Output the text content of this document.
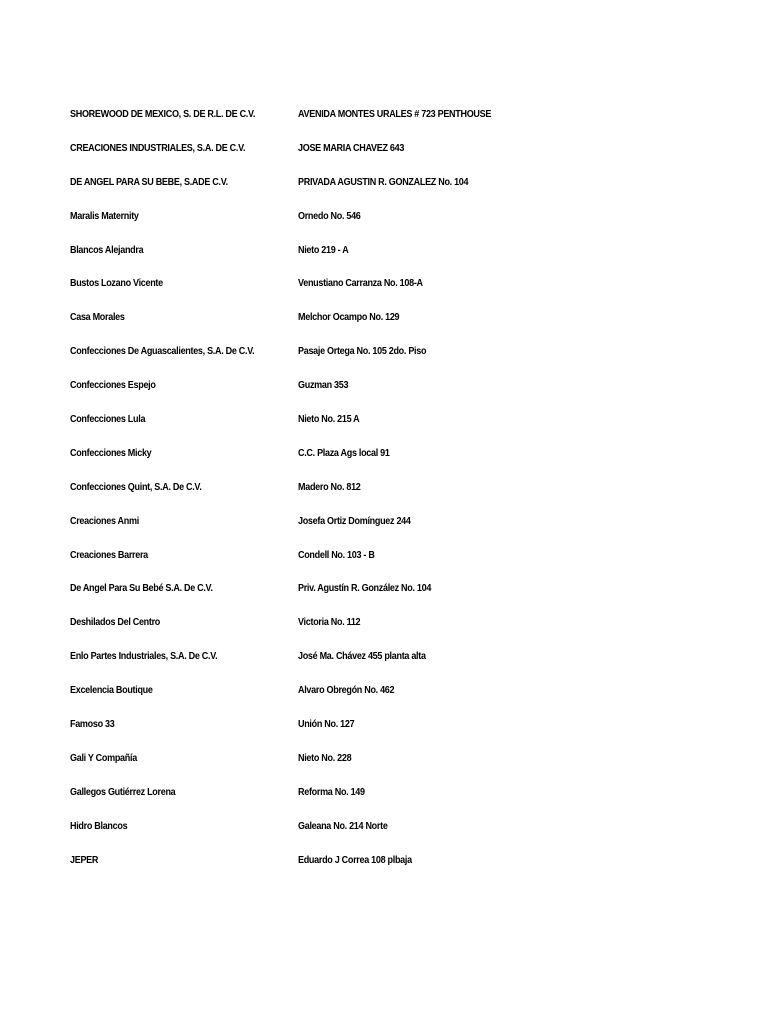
SHOREWOOD DE MEXICO, S. DE R.L. DE C.V.	AVENIDA MONTES URALES # 723 PENTHOUSE
CREACIONES INDUSTRIALES, S.A. DE C.V.	JOSE MARIA CHAVEZ 643
DE ANGEL PARA SU BEBE, S.ADE C.V.	PRIVADA AGUSTIN R. GONZALEZ No. 104
Maralis Maternity	Ornedo No. 546
Blancos Alejandra	Nieto 219 - A
Bustos Lozano Vicente	Venustiano Carranza No. 108-A
Casa Morales	Melchor Ocampo No. 129
Confecciones De Aguascalientes, S.A. De C.V.	Pasaje Ortega No. 105 2do. Piso
Confecciones Espejo	Guzman 353
Confecciones Lula	Nieto No. 215 A
Confecciones Micky	C.C. Plaza Ags local 91
Confecciones Quint, S.A. De C.V.	Madero No. 812
Creaciones Anmi	Josefa Ortiz Domínguez 244
Creaciones Barrera	Condell No. 103 - B
De Angel Para Su Bebé S.A. De C.V.	Priv. Agustín R. González No. 104
Deshilados Del Centro	Victoria No. 112
Enlo Partes Industriales, S.A. De C.V.	José Ma. Chávez 455 planta alta
Excelencia Boutique	Alvaro Obregón No. 462
Famoso 33	Unión No. 127
Gali Y Compañía	Nieto No. 228
Gallegos Gutiérrez Lorena	Reforma No. 149
Hidro Blancos	Galeana No. 214 Norte
JEPER	Eduardo J Correa 108 plbaja
